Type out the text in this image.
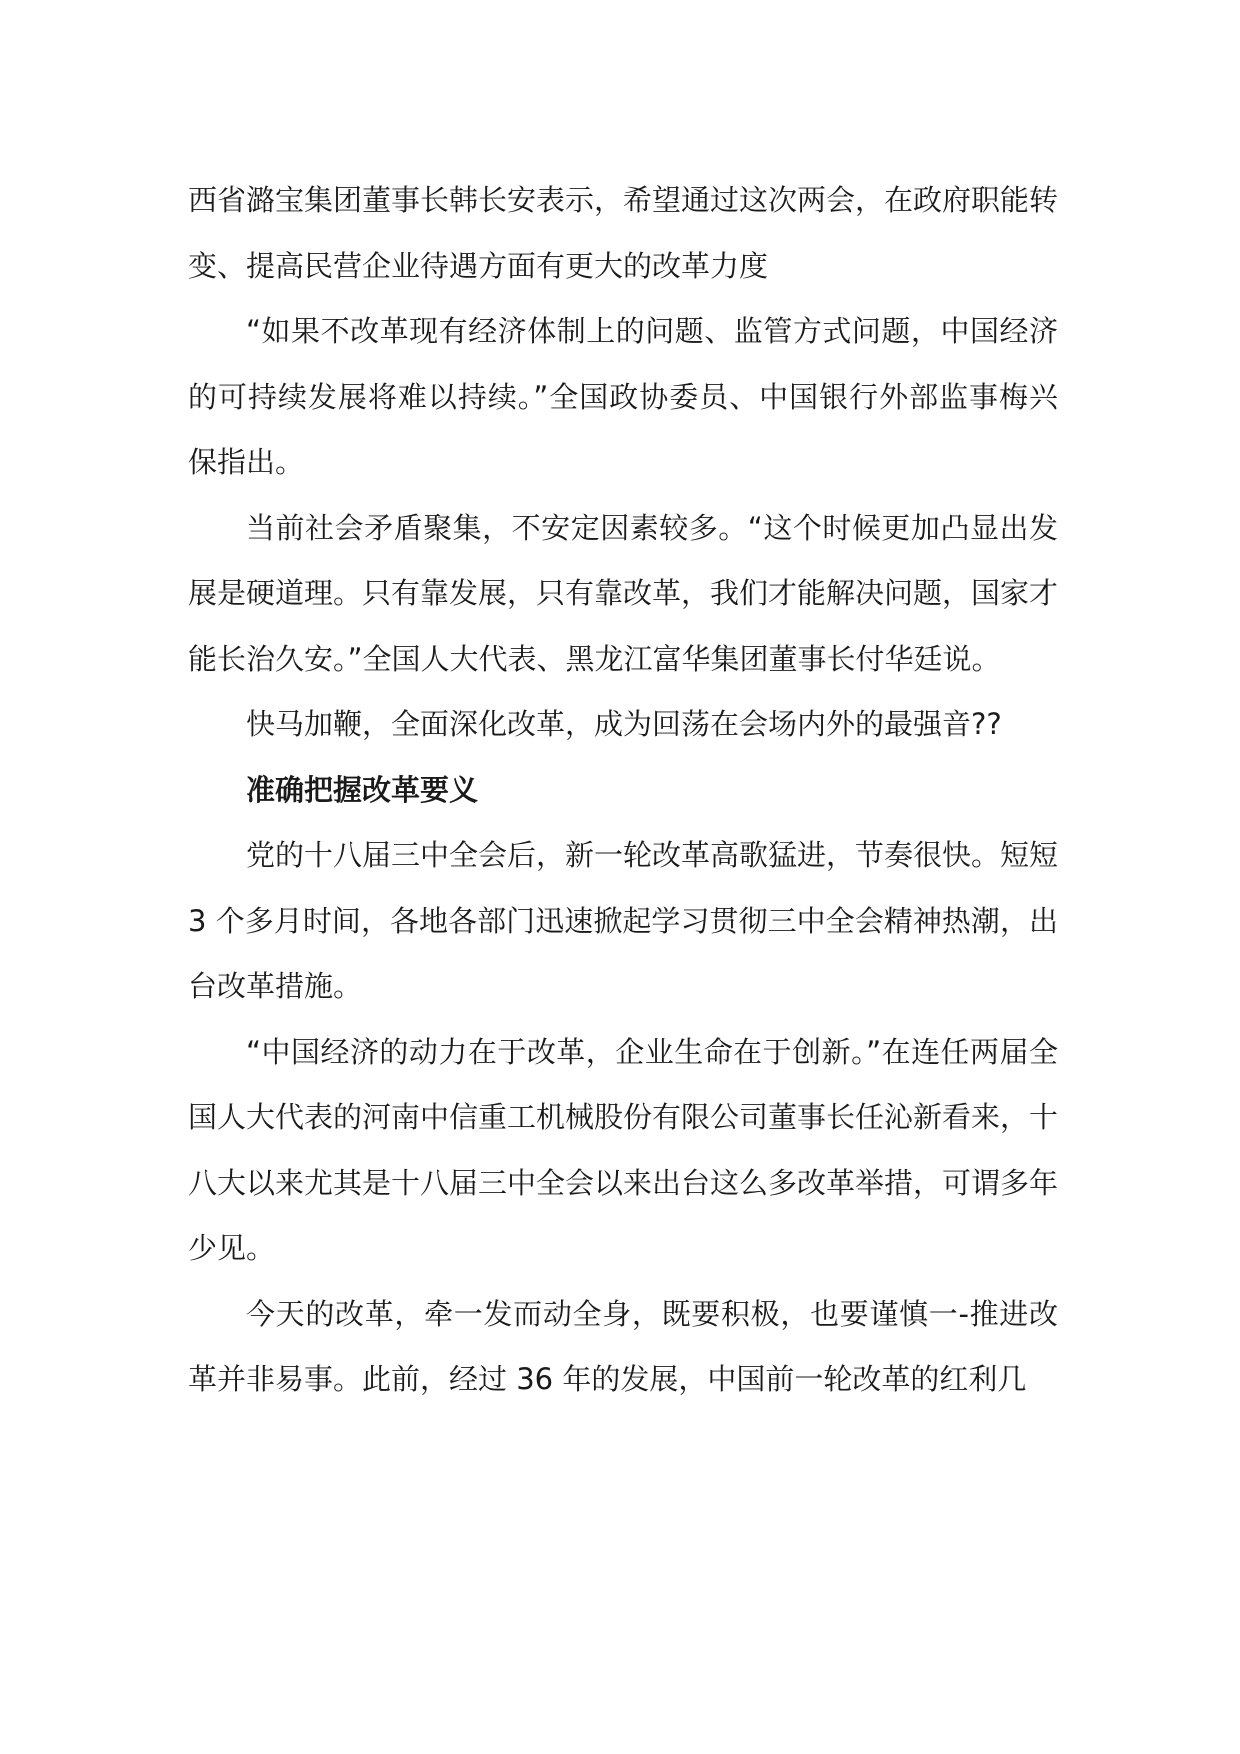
西省潞宝集团董事长韩长安表示，希望通过这次两会，在政府职能转变、提高民营企业待遇方面有更大的改革力度

“如果不改革现有经济体制上的问题、监管方式问题，中国经济的可持续发展将难以持续。”全国政协委员、中国银行外部监事梅兴保指出。

当前社会矛盾聚集，不安定因素较多。“这个时候更加凸显出发展是硬道理。只有靠发展，只有靠改革，我们才能解决问题，国家才能长治久安。”全国人大代表、黑龙江富华集团董事长付华廷说。

快马加鞭，全面深化改革，成为回荡在会场内外的最强音??

准确把握改革要义

党的十八届三中全会后，新一轮改革高歌猛进，节奏很快。短短 3 个多月时间，各地各部门迅速掀起学习贯彻三中全会精神热潮，出台改革措施。

“中国经济的动力在于改革，企业生命在于创新。”在连任两届全国人大代表的河南中信重工机械股份有限公司董事长任沁新看来，十八大以来尤其是十八届三中全会以来出台这么多改革举措，可谓多年少见。

今天的改革，牵一发而动全身，既要积极，也要谨慎一-推进改革并非易事。此前，经过 36 年的发展，中国前一轮改革的红利几
